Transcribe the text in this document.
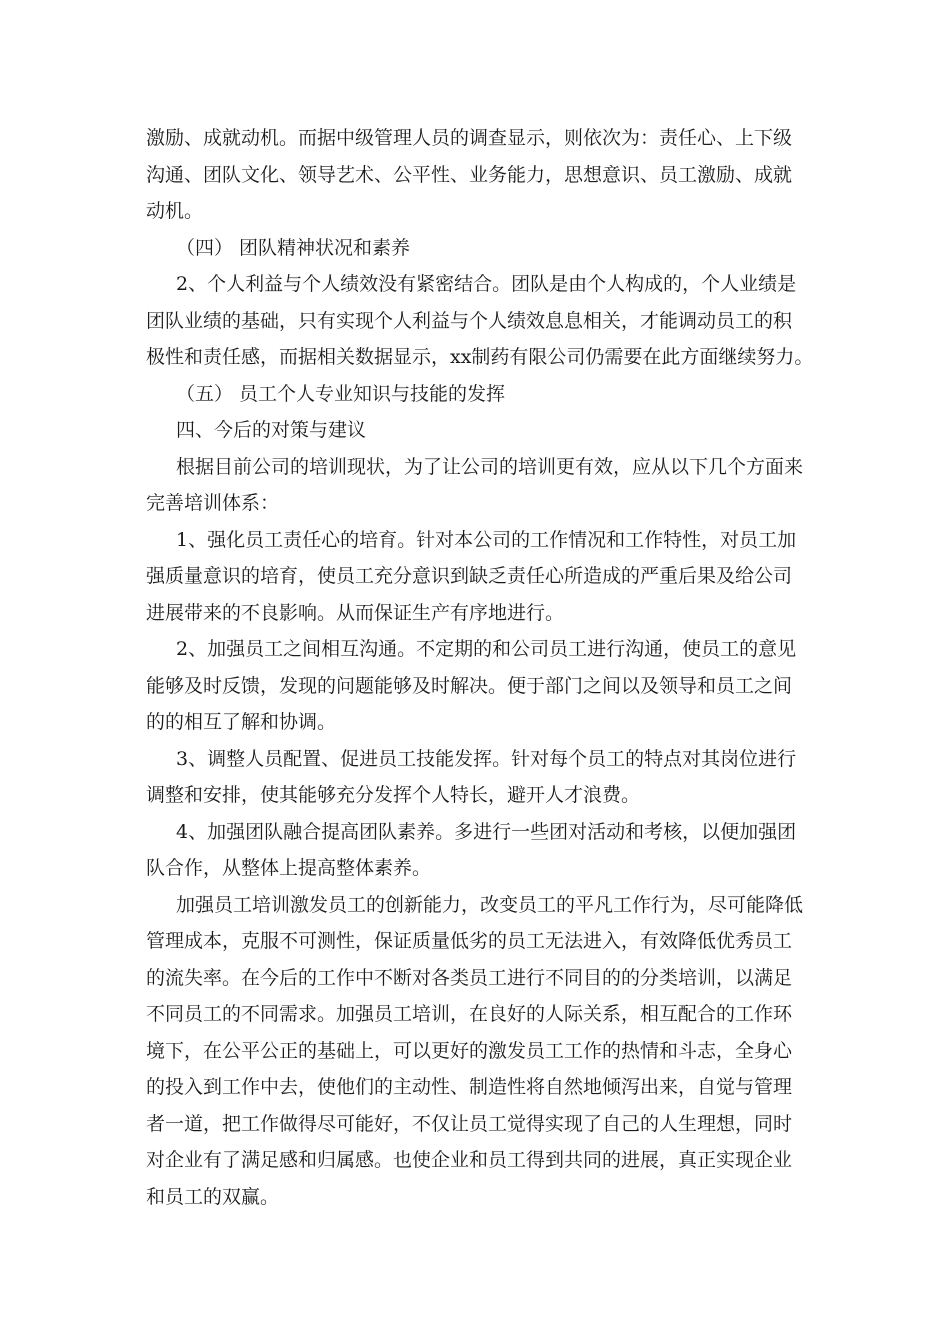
激励、成就动机。而据中级管理人员的调查显示，则依次为：责任心、上下级
沟通、团队文化、领导艺术、公平性、业务能力，思想意识、员工激励、成就
动机。
（四） 团队精神状况和素养
2、个人利益与个人绩效没有紧密结合。团队是由个人构成的，个人业绩是
团队业绩的基础，只有实现个人利益与个人绩效息息相关，才能调动员工的积
极性和责任感，而据相关数据显示，xx制药有限公司仍需要在此方面继续努力。
（五） 员工个人专业知识与技能的发挥
四、今后的对策与建议
根据目前公司的培训现状，为了让公司的培训更有效，应从以下几个方面来
完善培训体系：
1、强化员工责任心的培育。针对本公司的工作情况和工作特性，对员工加
强质量意识的培育，使员工充分意识到缺乏责任心所造成的严重后果及给公司
进展带来的不良影响。从而保证生产有序地进行。
2、加强员工之间相互沟通。不定期的和公司员工进行沟通，使员工的意见
能够及时反馈，发现的问题能够及时解决。便于部门之间以及领导和员工之间
的的相互了解和协调。
3、调整人员配置、促进员工技能发挥。针对每个员工的特点对其岗位进行
调整和安排，使其能够充分发挥个人特长，避开人才浪费。
4、加强团队融合提高团队素养。多进行一些团对活动和考核，以便加强团
队合作，从整体上提高整体素养。
加强员工培训激发员工的创新能力，改变员工的平凡工作行为，尽可能降低
管理成本，克服不可测性，保证质量低劣的员工无法进入，有效降低优秀员工
的流失率。在今后的工作中不断对各类员工进行不同目的的分类培训，以满足
不同员工的不同需求。加强员工培训，在良好的人际关系，相互配合的工作环
境下，在公平公正的基础上，可以更好的激发员工工作的热情和斗志，全身心
的投入到工作中去，使他们的主动性、制造性将自然地倾泻出来，自觉与管理
者一道，把工作做得尽可能好，不仅让员工觉得实现了自己的人生理想，同时
对企业有了满足感和归属感。也使企业和员工得到共同的进展，真正实现企业
和员工的双赢。
